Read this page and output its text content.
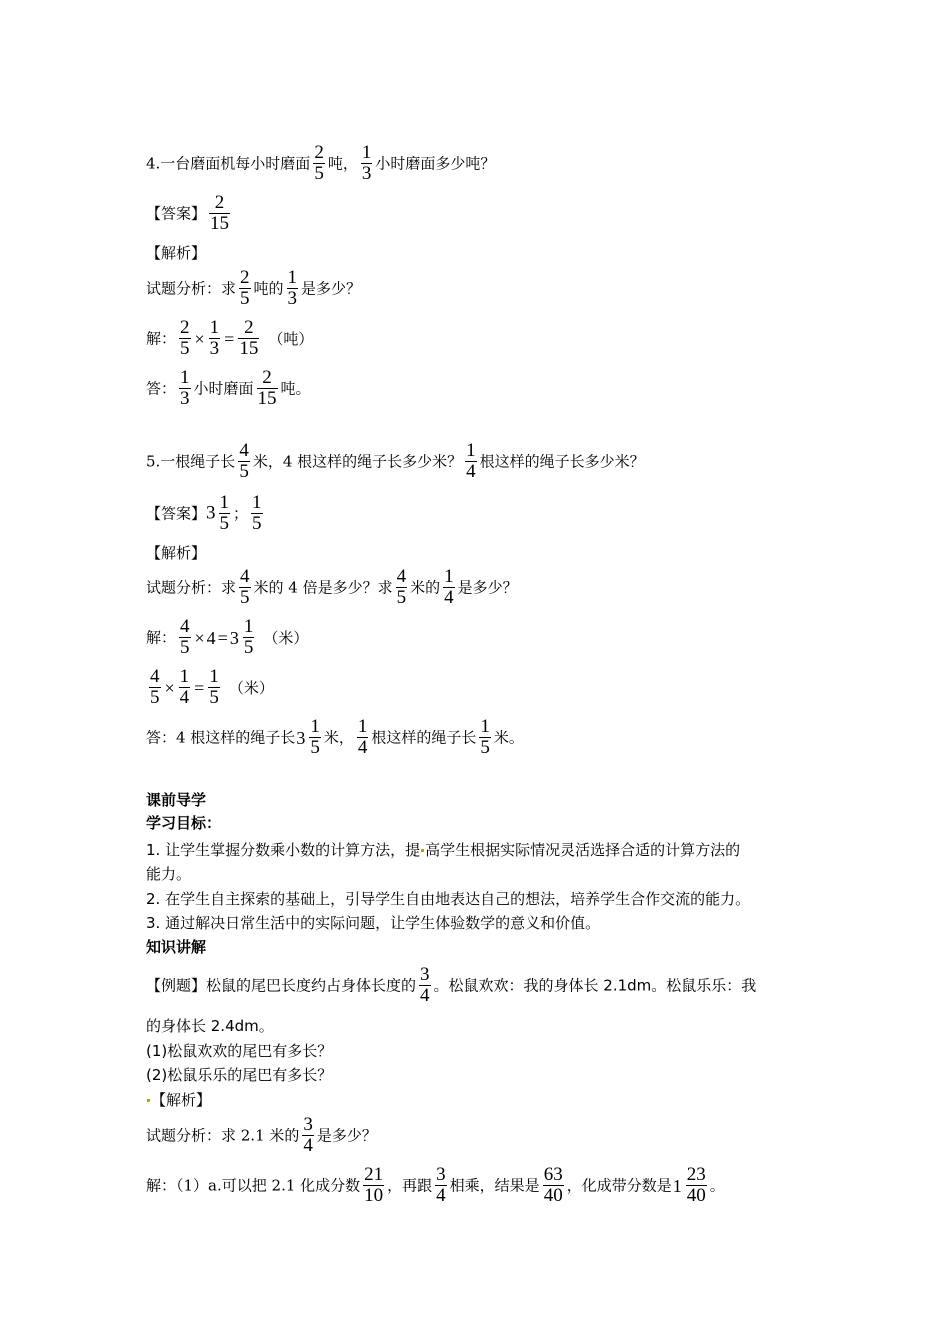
4.一台磨面机每小时磨面 $\frac{2}{5}$ 吨， $\frac{1}{3}$ 小时磨面多少吨？
【答案】 $\frac{2}{15}$
【解析】
试题分析：求 $\frac{2}{5}$ 吨的 $\frac{1}{3}$ 是多少？
解： $\frac{2}{5} \times \frac{1}{3} = \frac{2}{15}$ （吨）
答： $\frac{1}{3}$ 小时磨面 $\frac{2}{15}$ 吨。
5.一根绳子长 $\frac{4}{5}$ 米，4 根这样的绳子长多少米？ $\frac{1}{4}$ 根这样的绳子长多少米？
【答案】$3 \frac{1}{5}$ ； $\frac{1}{5}$
【解析】
试题分析：求 $\frac{4}{5}$ 米的 4 倍是多少？求 $\frac{4}{5}$ 米的 $\frac{1}{4}$ 是多少？
解： $\frac{4}{5} \times 4 = 3 \frac{1}{5}$ （米）
$\frac{4}{5} \times \frac{1}{4} = \frac{1}{5}$ （米）
答：4 根这样的绳子长$3 \frac{1}{5}$ 米， $\frac{1}{4}$ 根这样的绳子长 $\frac{1}{5}$ 米。
课前导学
学习目标：
1. 让学生掌握分数乘小数的计算方法，提 高学生根据实际情况灵活选择合适的计算方法的
能力。
2. 在学生自主探索的基础上，引导学生自由地表达自己的想法，培养学生合作交流的能力。
3. 通过解决日常生活中的实际问题，让学生体验数学的意义和价值。
知识讲解
【例题】松鼠的尾巴长度约占身体长度的 $\frac{3}{4}$ 。松鼠欢欢：我的身体长 2.1dm。松鼠乐乐：我
的身体长 2.4dm。
(1)松鼠欢欢的尾巴有多长？
(2)松鼠乐乐的尾巴有多长？
【解析】
试题分析：求 2.1 米的 $\frac{3}{4}$ 是多少？
解：（1）a.可以把 2.1 化成分数 $\frac{21}{10}$ ，再跟 $\frac{3}{4}$ 相乘，结果是 $\frac{63}{40}$ ，化成带分数是$1 \frac{23}{40}$ 。
